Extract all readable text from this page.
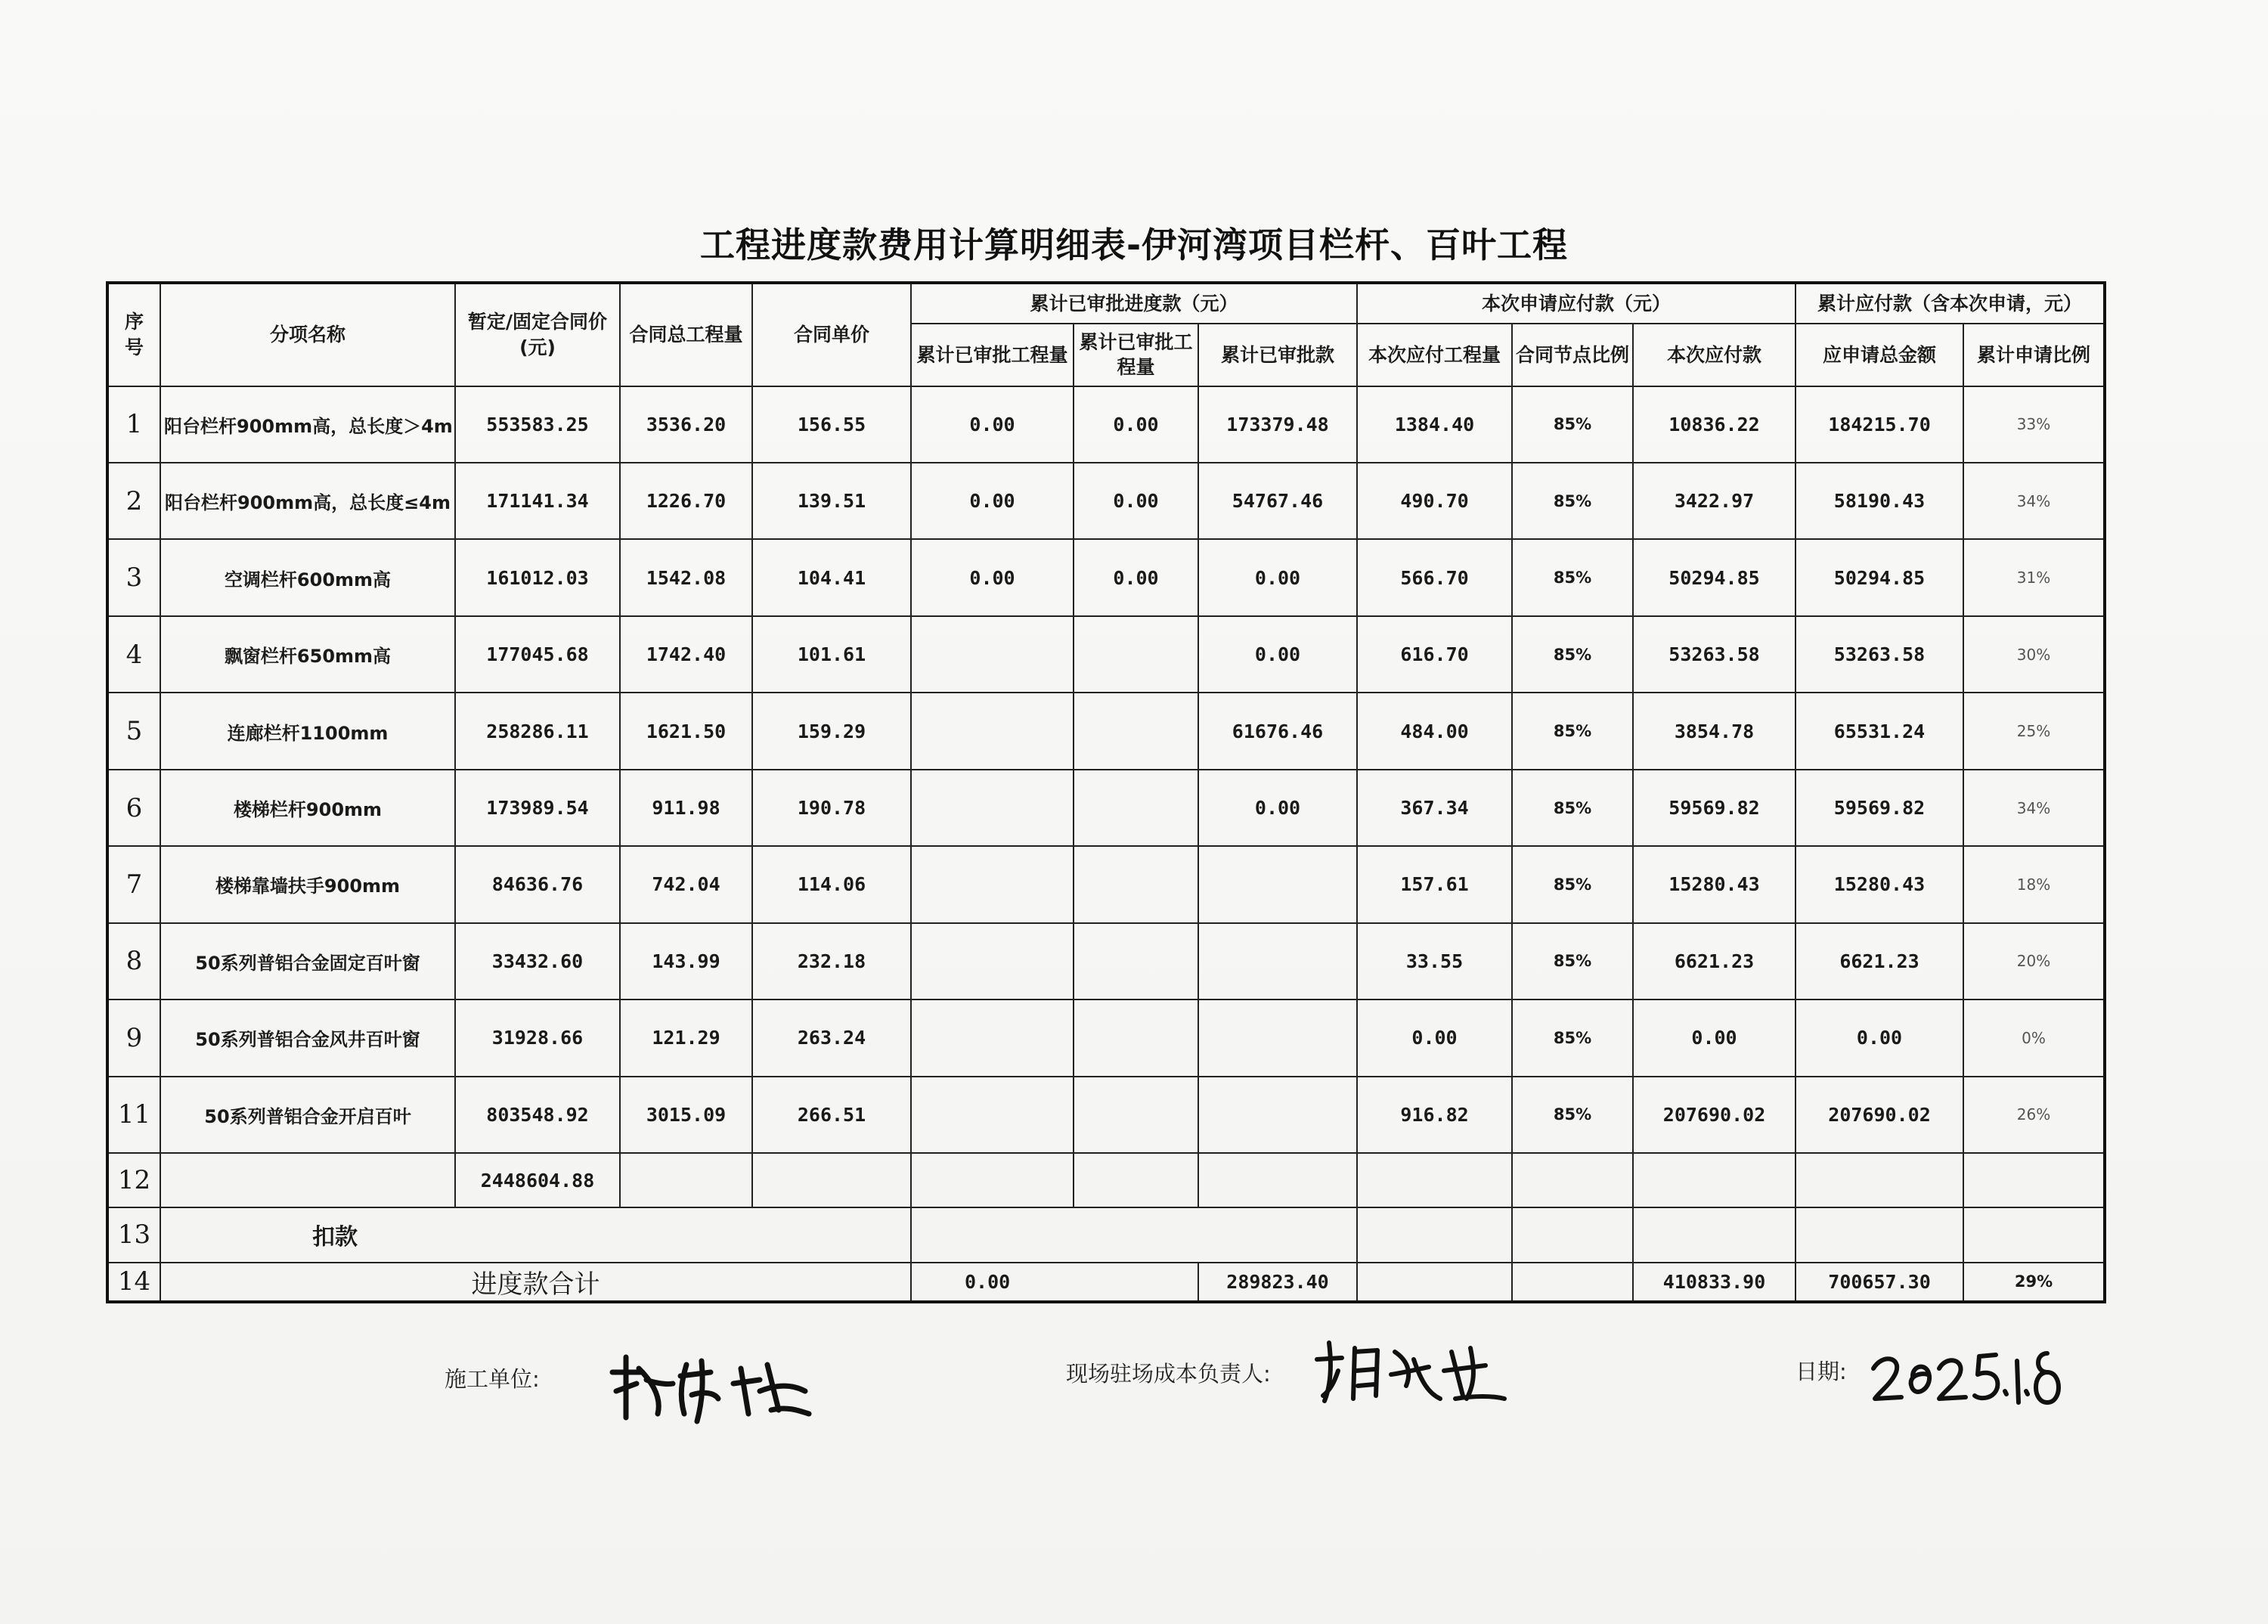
工程进度款费用计算明细表-伊河湾项目栏杆、百叶工程
序号	分项名称	暂定/固定合同价(元)	合同总工程量	合同单价	累计已审批进度款（元）			本次申请应付款（元）			累计应付款（含本次申请，元）	
					累计已审批工程量	累计已审批工程量	累计已审批款	本次应付工程量	合同节点比例	本次应付款	应申请总金额	累计申请比例
1	阳台栏杆900mm高，总长度＞4m	553583.25	3536.20	156.55	0.00	0.00	173379.48	1384.40	85%	10836.22	184215.70	33%
2	阳台栏杆900mm高，总长度≤4m	171141.34	1226.70	139.51	0.00	0.00	54767.46	490.70	85%	3422.97	58190.43	34%
3	空调栏杆600mm高	161012.03	1542.08	104.41	0.00	0.00	0.00	566.70	85%	50294.85	50294.85	31%
4	飘窗栏杆650mm高	177045.68	1742.40	101.61			0.00	616.70	85%	53263.58	53263.58	30%
5	连廊栏杆1100mm	258286.11	1621.50	159.29			61676.46	484.00	85%	3854.78	65531.24	25%
6	楼梯栏杆900mm	173989.54	911.98	190.78			0.00	367.34	85%	59569.82	59569.82	34%
7	楼梯靠墙扶手900mm	84636.76	742.04	114.06				157.61	85%	15280.43	15280.43	18%
8	50系列普铝合金固定百叶窗	33432.60	143.99	232.18				33.55	85%	6621.23	6621.23	20%
9	50系列普铝合金风井百叶窗	31928.66	121.29	263.24				0.00	85%	0.00	0.00	0%
11	50系列普铝合金开启百叶	803548.92	3015.09	266.51				916.82	85%	207690.02	207690.02	26%
12		2448604.88										
13	扣款											
14	进度款合计				0.00		289823.40			410833.90	700657.30	29%
施工单位:	现场驻场成本负责人:	日期:
